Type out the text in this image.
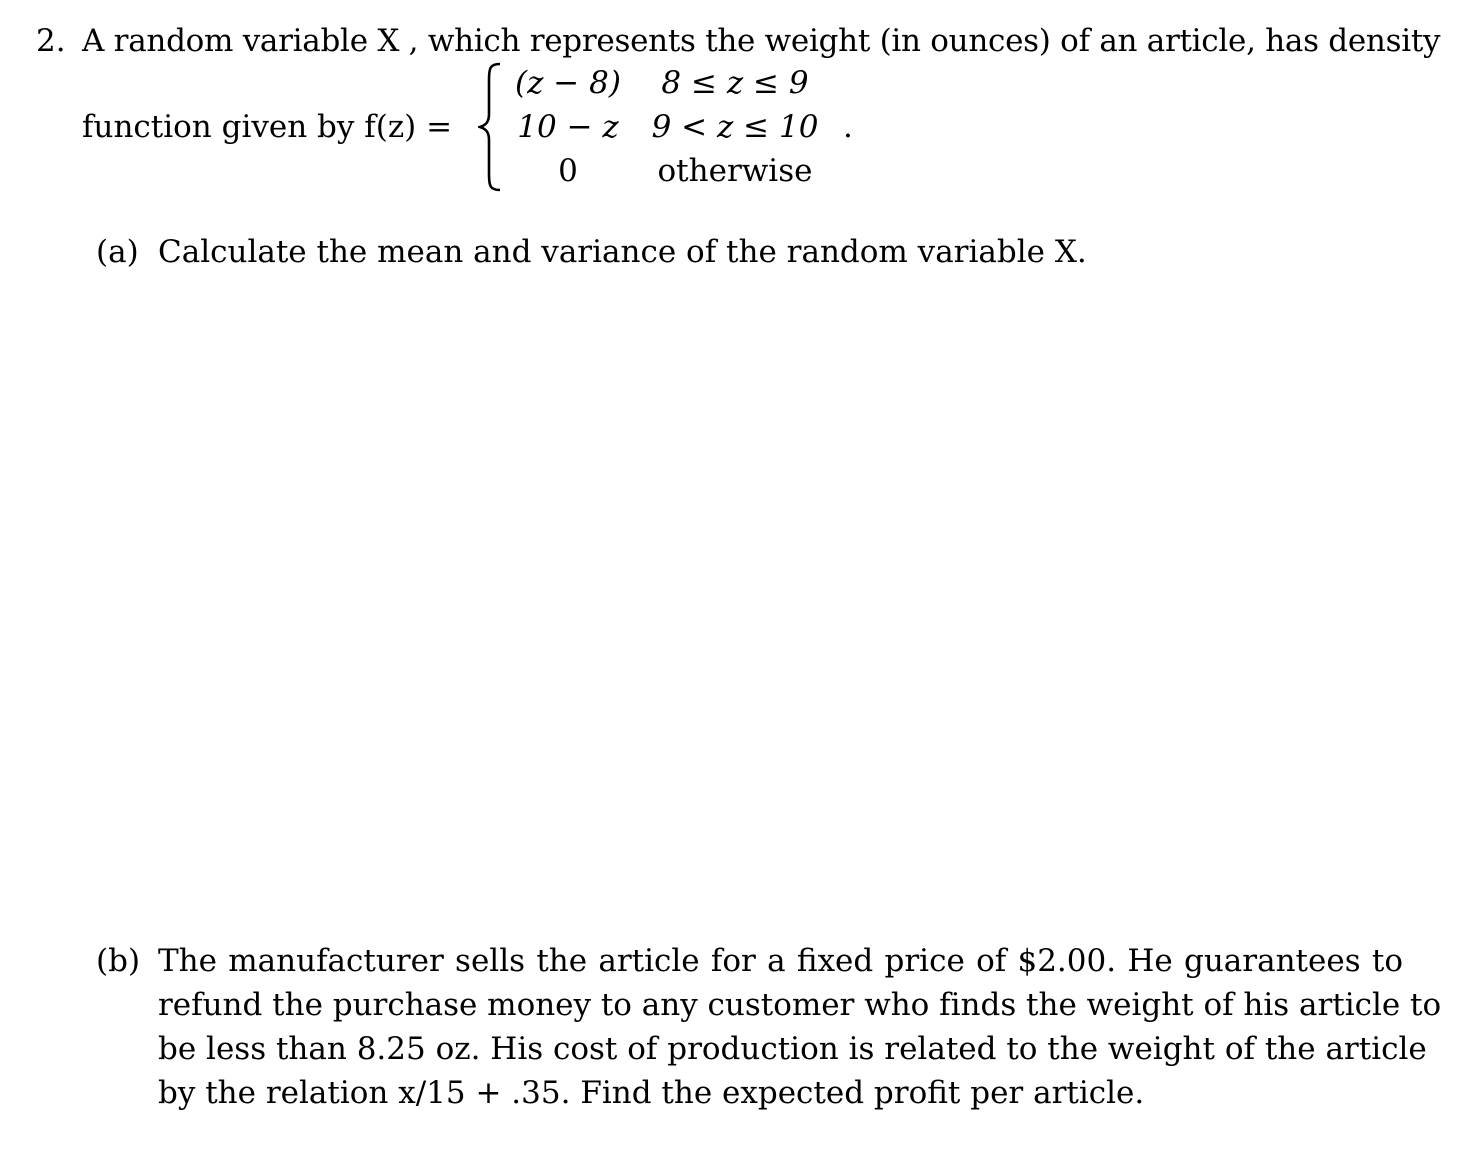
2. A random variable X , which represents the weight (in ounces) of an article, has density
function given by f(z) =
(z − 8)
10 − z
0
8 ≤ z ≤ 9
9 < z ≤ 10
otherwise
.
(a) Calculate the mean and variance of the random variable X.
(b) The manufacturer sells the article for a fixed price of $2.00. He guarantees to
refund the purchase money to any customer who finds the weight of his article to
be less than 8.25 oz. His cost of production is related to the weight of the article
by the relation x/15 + .35. Find the expected profit per article.
